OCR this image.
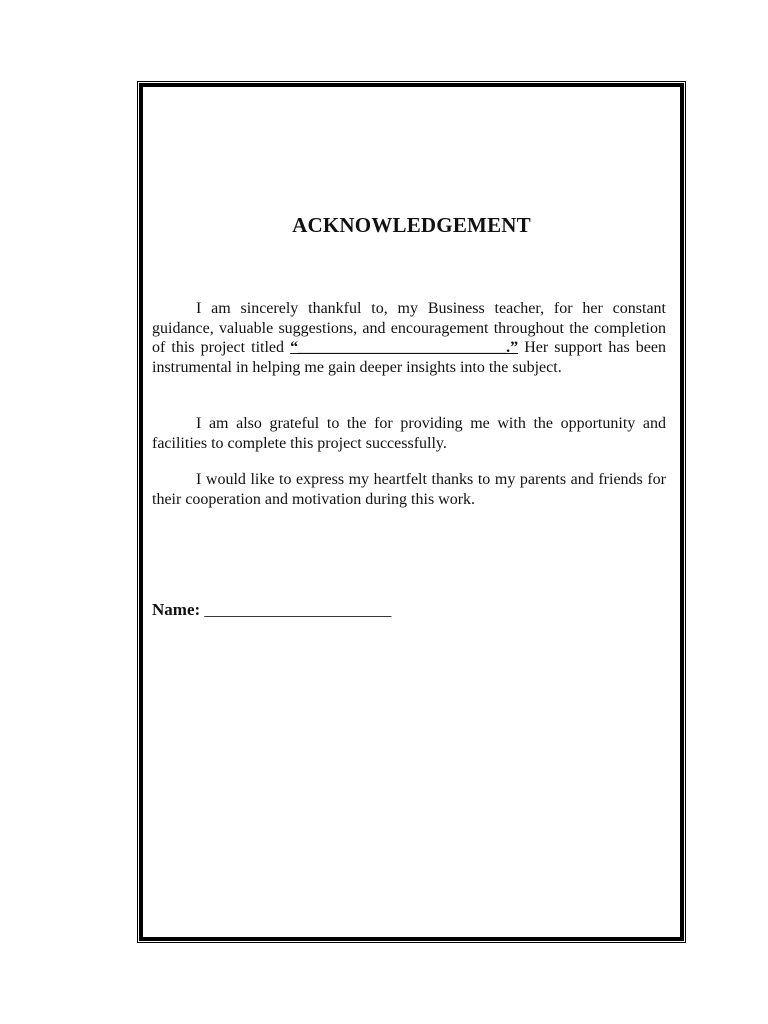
ACKNOWLEDGEMENT

I am sincerely thankful to, my Business teacher, for her constant guidance, valuable suggestions, and encouragement throughout the completion of this project titled “__________________________.” Her support has been instrumental in helping me gain deeper insights into the subject.

I am also grateful to the for providing me with the opportunity and facilities to complete this project successfully.

I would like to express my heartfelt thanks to my parents and friends for their cooperation and motivation during this work.

Name: ______________________
